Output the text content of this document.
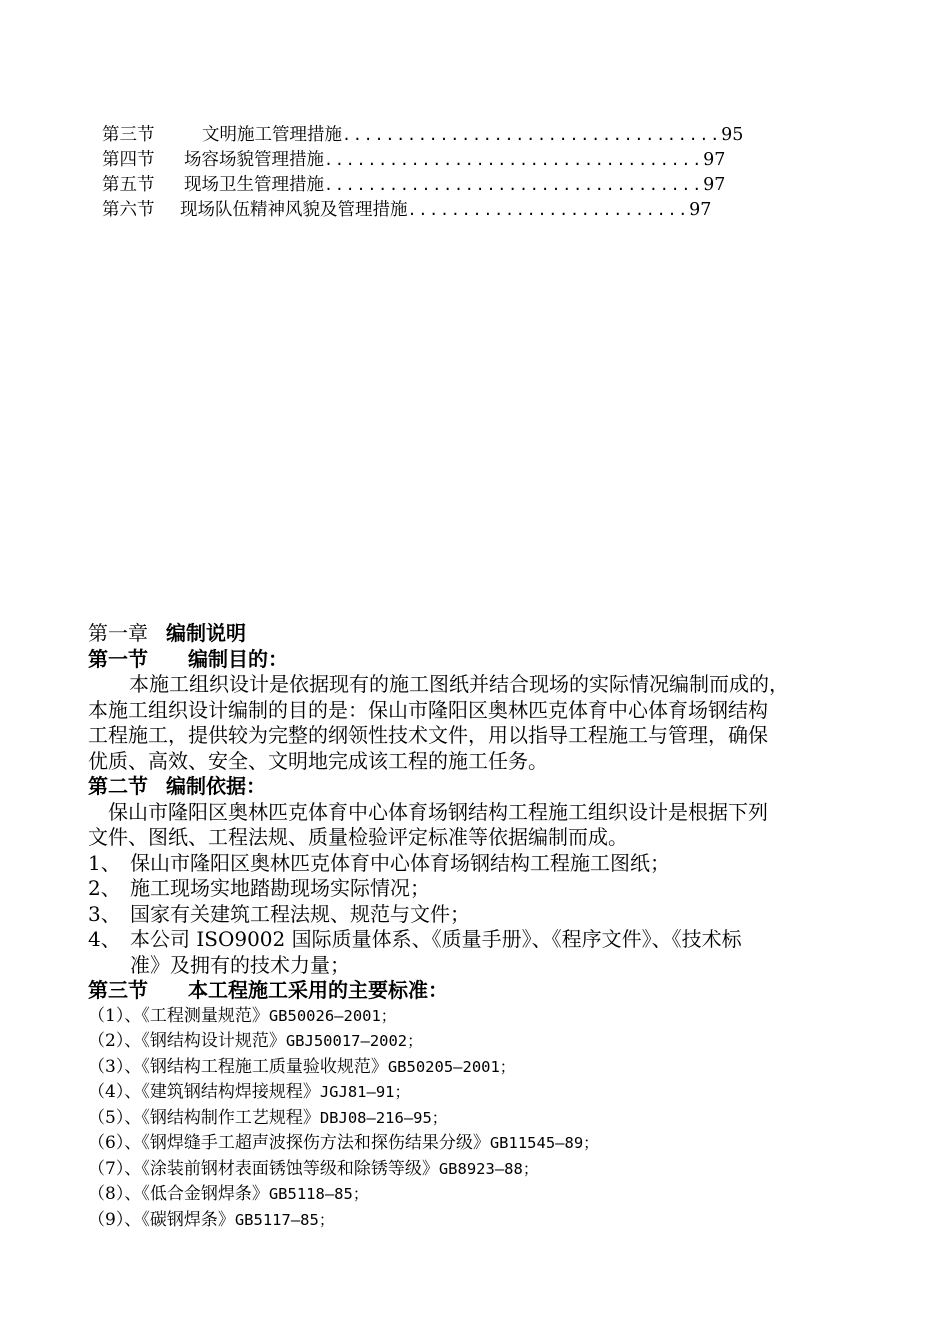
第三节	文明施工管理措施...................................95
第四节 场容场貌管理措施...................................97
第五节 现场卫生管理措施...................................97
第六节 现场队伍精神风貌及管理措施..........................97
第一章 编制说明
第一节 编制目的：
本施工组织设计是依据现有的施工图纸并结合现场的实际情况编制而成的，
本施工组织设计编制的目的是：保山市隆阳区奥林匹克体育中心体育场钢结构
工程施工，提供较为完整的纲领性技术文件，用以指导工程施工与管理，确保
优质、高效、安全、文明地完成该工程的施工任务。
第二节 编制依据：
保山市隆阳区奥林匹克体育中心体育场钢结构工程施工组织设计是根据下列
文件、图纸、工程法规、质量检验评定标准等依据编制而成。
1、 保山市隆阳区奥林匹克体育中心体育场钢结构工程施工图纸；
2、 施工现场实地踏勘现场实际情况；
3、 国家有关建筑工程法规、规范与文件；
4、 本公司 ISO9002 国际质量体系、《质量手册》、《程序文件》、《技术标
准》及拥有的技术力量；
第三节 本工程施工采用的主要标准：
（1）、《工程测量规范》GB50026—2001；
（2）、《钢结构设计规范》GBJ50017—2002；
（3）、《钢结构工程施工质量验收规范》GB50205—2001；
（4）、《建筑钢结构焊接规程》JGJ81—91；
（5）、《钢结构制作工艺规程》DBJ08—216—95；
（6）、《钢焊缝手工超声波探伤方法和探伤结果分级》GB11545—89；
（7）、《涂装前钢材表面锈蚀等级和除锈等级》GB8923—88；
（8）、《低合金钢焊条》GB5118—85；
（9）、《碳钢焊条》GB5117—85；
